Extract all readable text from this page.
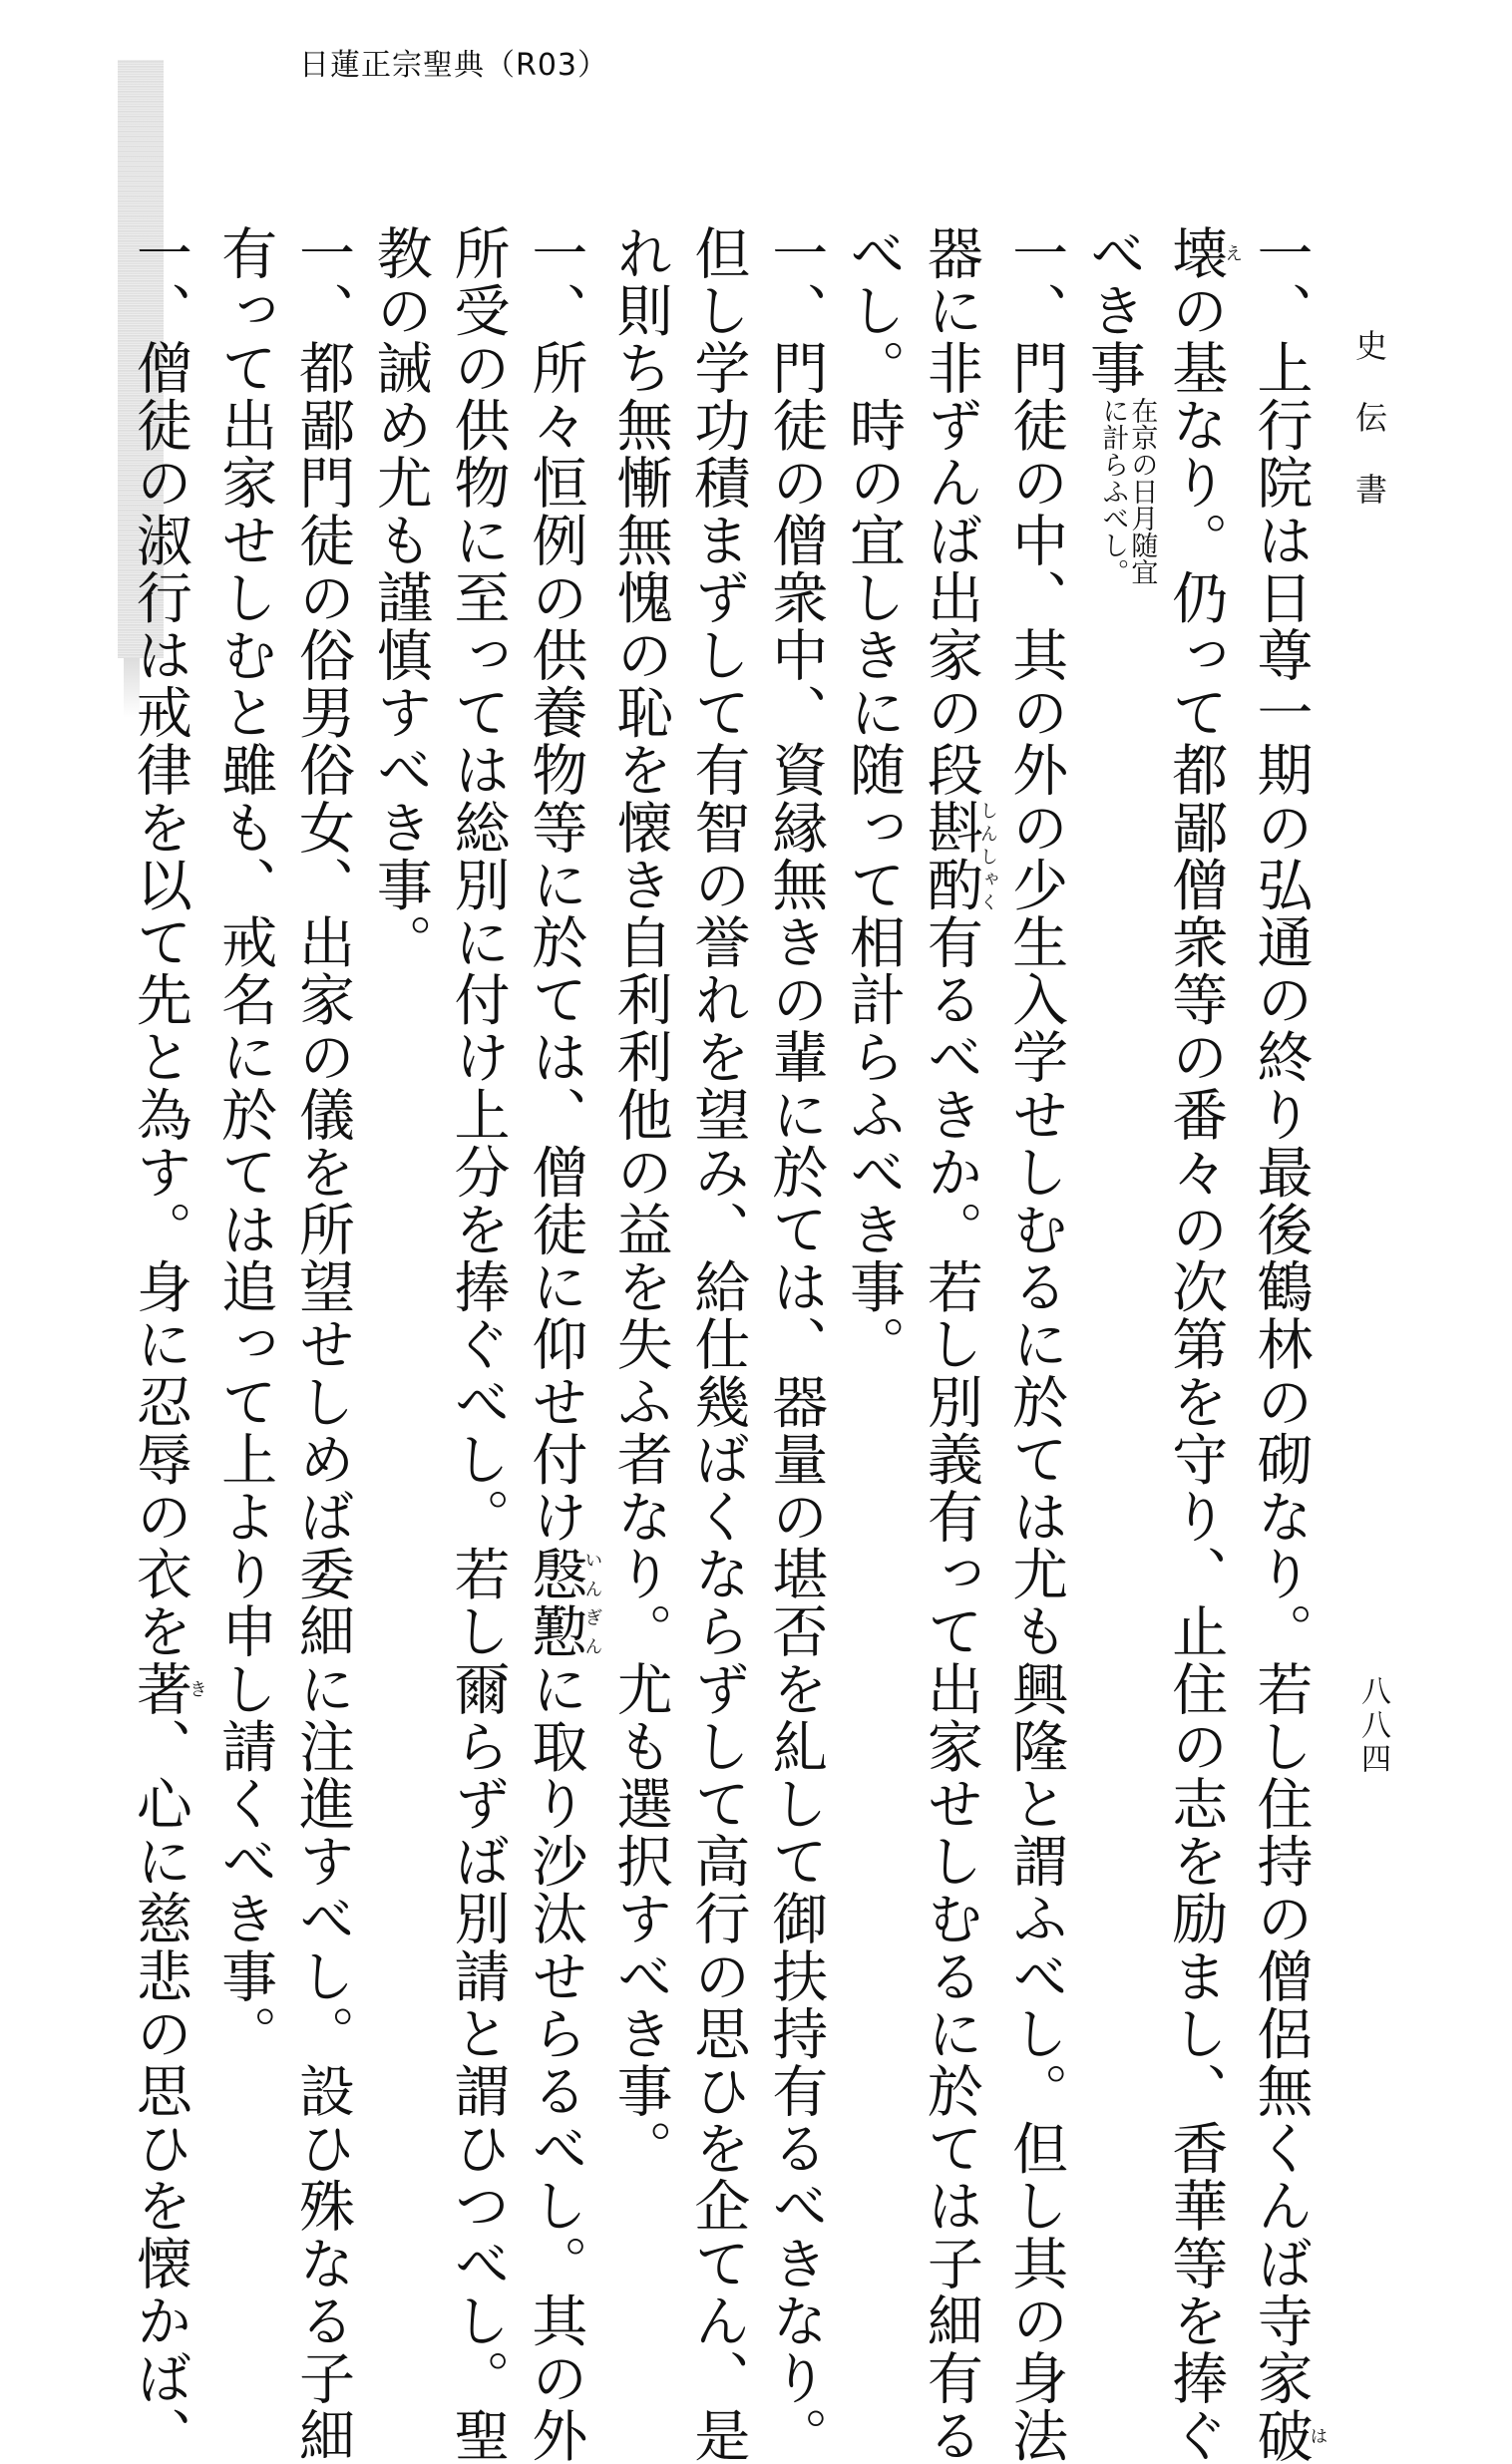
日蓮正宗聖典（R03）
史伝書
八八四
一、上行院は日尊一期の弘通の終り最後鶴林の砌なり。若し住持の僧侶無くんば寺家破は
壊えの基なり。仍って都鄙僧衆等の番々の次第を守り、止住の志を励まし、香華等を捧ぐ
べき事
在京の日月随宜
に計らふべし。
一、門徒の中、其の外の少生入学せしむるに於ては尤も興隆と謂ふべし。但し其の身法
器に非ずんば出家の段斟酌しんしゃく有るべきか。若し別義有って出家せしむるに於ては子細有る
べし。時の宜しきに随って相計らふべき事。
一、門徒の僧衆中、資縁無きの輩に於ては、器量の堪否を糺して御扶持有るべきなり。
但し学功積まずして有智の誉れを望み、給仕幾ばくならずして高行の思ひを企てん、是
れ則ち無慚無愧の恥を懐き自利利他の益を失ふ者なり。尤も選択すべき事。
一、所々恒例の供養物等に於ては、僧徒に仰せ付け慇懃いんぎんに取り沙汰せらるべし。其の外
所受の供物に至っては総別に付け上分を捧ぐべし。若し爾らずば別請と謂ひつべし。聖
教の誡め尤も謹慎すべき事。
一、都鄙門徒の俗男俗女、出家の儀を所望せしめば委細に注進すべし。設ひ殊なる子細
有って出家せしむと雖も、戒名に於ては追って上より申し請くべき事。
一、僧徒の淑行は戒律を以て先と為す。身に忍辱の衣を著き、心に慈悲の思ひを懐かば、
